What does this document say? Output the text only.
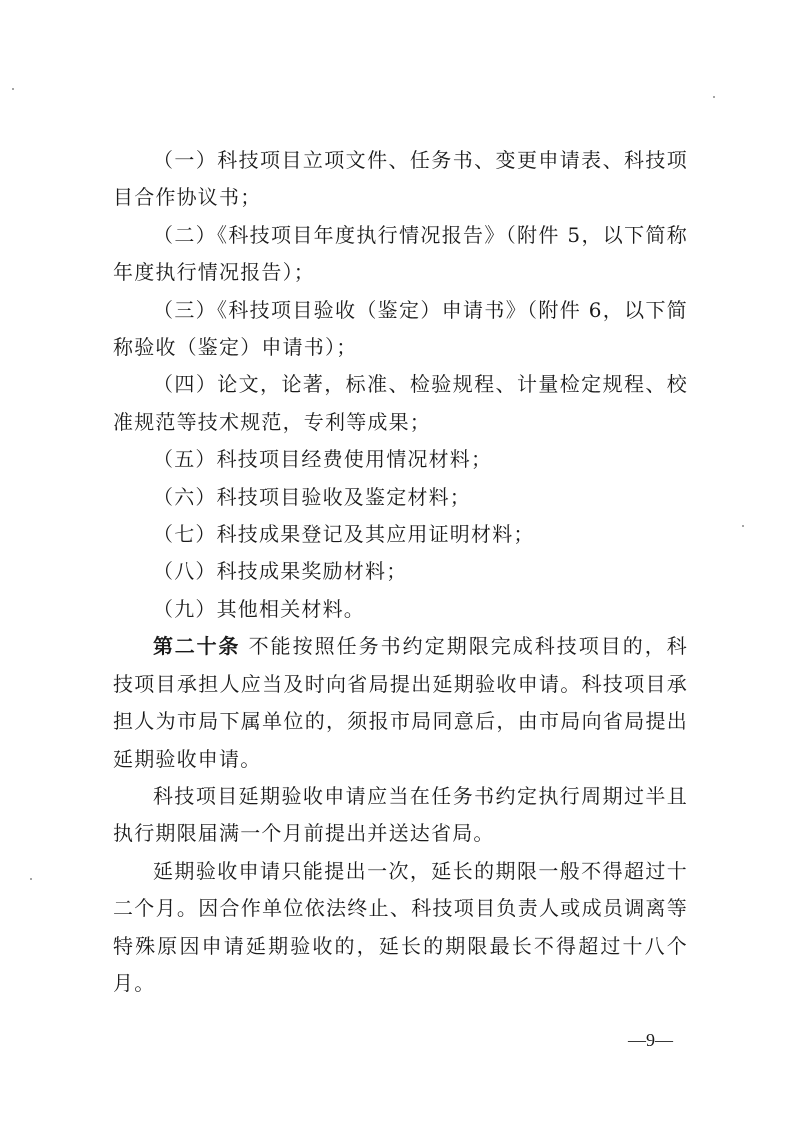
（一）科技项目立项文件、任务书、变更申请表、科技项目合作协议书；

（二）《科技项目年度执行情况报告》（附件 5，以下简称年度执行情况报告）；

（三）《科技项目验收（鉴定）申请书》（附件 6，以下简称验收（鉴定）申请书）；

（四）论文，论著，标准、检验规程、计量检定规程、校准规范等技术规范，专利等成果；

（五）科技项目经费使用情况材料；

（六）科技项目验收及鉴定材料；

（七）科技成果登记及其应用证明材料；

（八）科技成果奖励材料；

（九）其他相关材料。

第二十条 不能按照任务书约定期限完成科技项目的，科技项目承担人应当及时向省局提出延期验收申请。科技项目承担人为市局下属单位的，须报市局同意后，由市局向省局提出延期验收申请。

科技项目延期验收申请应当在任务书约定执行周期过半且执行期限届满一个月前提出并送达省局。

延期验收申请只能提出一次，延长的期限一般不得超过十二个月。因合作单位依法终止、科技项目负责人或成员调离等特殊原因申请延期验收的，延长的期限最长不得超过十八个月。

—9—
